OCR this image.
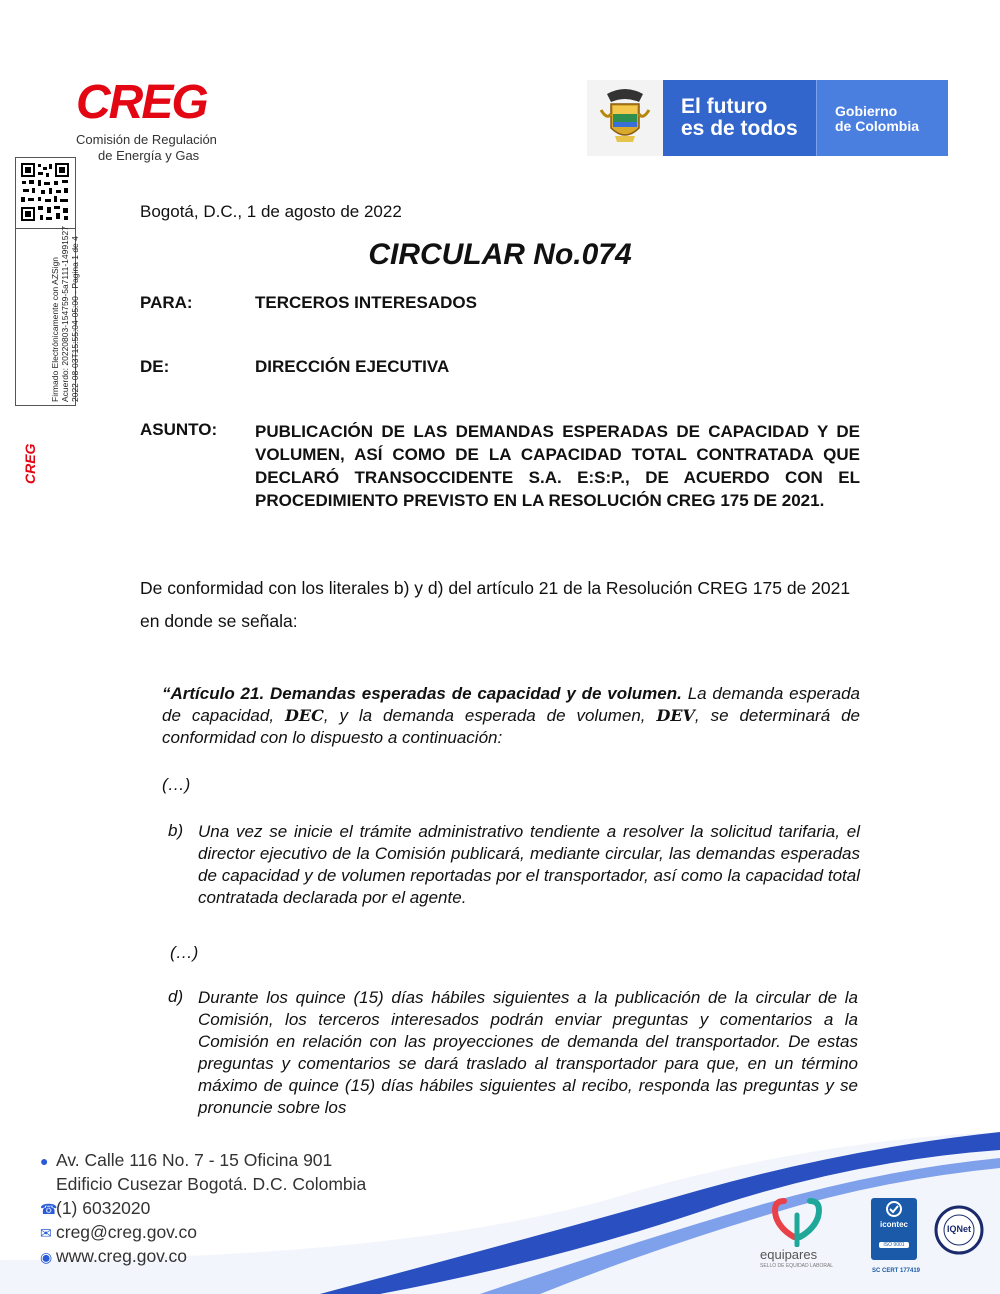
CREG
Comisión de Regulación
de Energía y Gas
El futuro
es de todos
Gobierno
de Colombia
CREG
Firmado Electrónicamente con AZSign Acuerdo: 20220803-154759-5a7111-14991527 2022-08-03T15:55:04-05:00 - Pagina 1 de 4
Bogotá, D.C., 1 de agosto de 2022
CIRCULAR No.074
PARA:	TERCEROS INTERESADOS
DE:	DIRECCIÓN EJECUTIVA
ASUNTO: PUBLICACIÓN DE LAS DEMANDAS ESPERADAS DE CAPACIDAD Y DE VOLUMEN, ASÍ COMO DE LA CAPACIDAD TOTAL CONTRATADA QUE DECLARÓ TRANSOCCIDENTE S.A. E:S:P., DE ACUERDO CON EL PROCEDIMIENTO PREVISTO EN LA RESOLUCIÓN CREG 175 DE 2021.
De conformidad con los literales b) y d) del artículo 21 de la Resolución CREG 175 de 2021 en donde se señala:
“Artículo 21. Demandas esperadas de capacidad y de volumen. La demanda esperada de capacidad, DEC, y la demanda esperada de volumen, DEV, se determinará de conformidad con lo dispuesto a continuación:
(…)
b) Una vez se inicie el trámite administrativo tendiente a resolver la solicitud tarifaria, el director ejecutivo de la Comisión publicará, mediante circular, las demandas esperadas de capacidad y de volumen reportadas por el transportador, así como la capacidad total contratada declarada por el agente.
(…)
d) Durante los quince (15) días hábiles siguientes a la publicación de la circular de la Comisión, los terceros interesados podrán enviar preguntas y comentarios a la Comisión en relación con las proyecciones de demanda del transportador. De estas preguntas y comentarios se dará traslado al transportador para que, en un término máximo de quince (15) días hábiles siguientes al recibo, responda las preguntas y se pronuncie sobre los
● Av. Calle 116 No. 7 - 15 Oficina 901
Edificio Cusezar Bogotá. D.C. Colombia
☎(1) 6032020
✉ creg@creg.gov.co
◉ www.creg.gov.co	equipares
SELLO DE EQUIDAD LABORAL
icontec
ISO 9001
SC CERT 177419
IQNet
